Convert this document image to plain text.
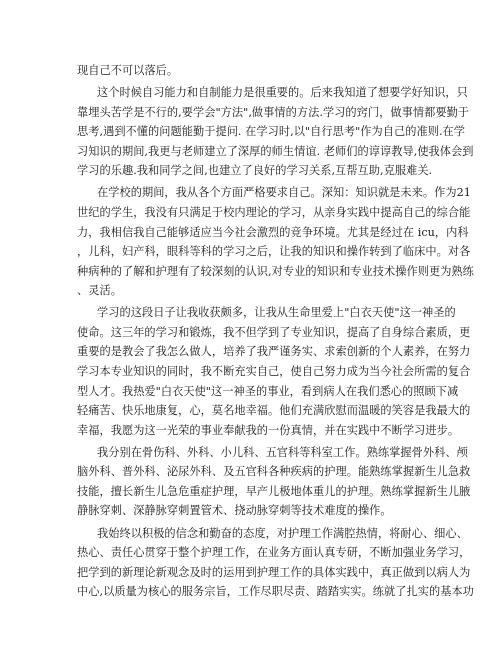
现自己不可以落后。
这个时候自习能力和自制能力是很重要的。后来我知道了想要学好知识，只
靠埋头苦学是不行的,要学会"方法",做事情的方法.学习的窍门，做事情都要勤于
思考,遇到不懂的问题能勤于提问. 在学习时,以"自行思考"作为自己的准则.在学
习知识的期间,我更与老师建立了深厚的师生情谊. 老师们的谆谆教导,使我体会到
学习的乐趣.我和同学之间,也建立了良好的学习关系,互帮互助,克服难关.
在学校的期间，我从各个方面严格要求自己。深知：知识就是未来。作为21
世纪的学生，我没有只满足于校内理论的学习，从亲身实践中提高自己的综合能
力，我相信我自己能够适应当今社会激烈的竞争环境。尤其是经过在 icu，内科
，儿科，妇产科，眼科等科的学习之后，让我的知识和操作转到了临床中。对各
种病种的了解和护理有了较深刻的认识,对专业的知识和专业技术操作则更为熟练
、灵活。
学习的这段日子让我收获颇多，让我从生命里爱上"白衣天使"这一神圣的
使命。这三年的学习和锻炼，我不但学到了专业知识，提高了自身综合素质，更
重要的是教会了我怎么做人，培养了我严谨务实、求索创新的个人素养，在努力
学习本专业知识的同时，我不断充实自己，使自己努力成为当今社会所需的复合
型人才。我热爱"白衣天使"这一神圣的事业，看到病人在我们悉心的照顾下减
轻痛苦、快乐地康复，心，莫名地幸福。他们充满欣慰而温暖的笑容是我最大的
幸福，我愿为这一光荣的事业奉献我的一份真情，并在实践中不断学习进步。
我分别在骨伤科、外科、小儿科、五官科等科室工作。熟练掌握骨外科、颅
脑外科、普外科、泌尿外科、及五官科各种疾病的护理。能熟练掌握新生儿急救
技能，擅长新生儿急危重症护理，早产儿极地体重儿的护理。熟练掌握新生儿腋
静脉穿刺、深静脉穿刺置管术、挠动脉穿刺等技术难度的操作。
我始终以积极的信念和勤奋的态度，对护理工作满腔热情，将耐心、细心、
热心、责任心贯穿于整个护理工作，在业务方面认真专研，不断加强业务学习，
把学到的新理论新观念及时的运用到护理工作的具体实践中，真正做到以病人为
中心,以质量为核心的服务宗旨，工作尽职尽责、踏踏实实。练就了扎实的基本功
